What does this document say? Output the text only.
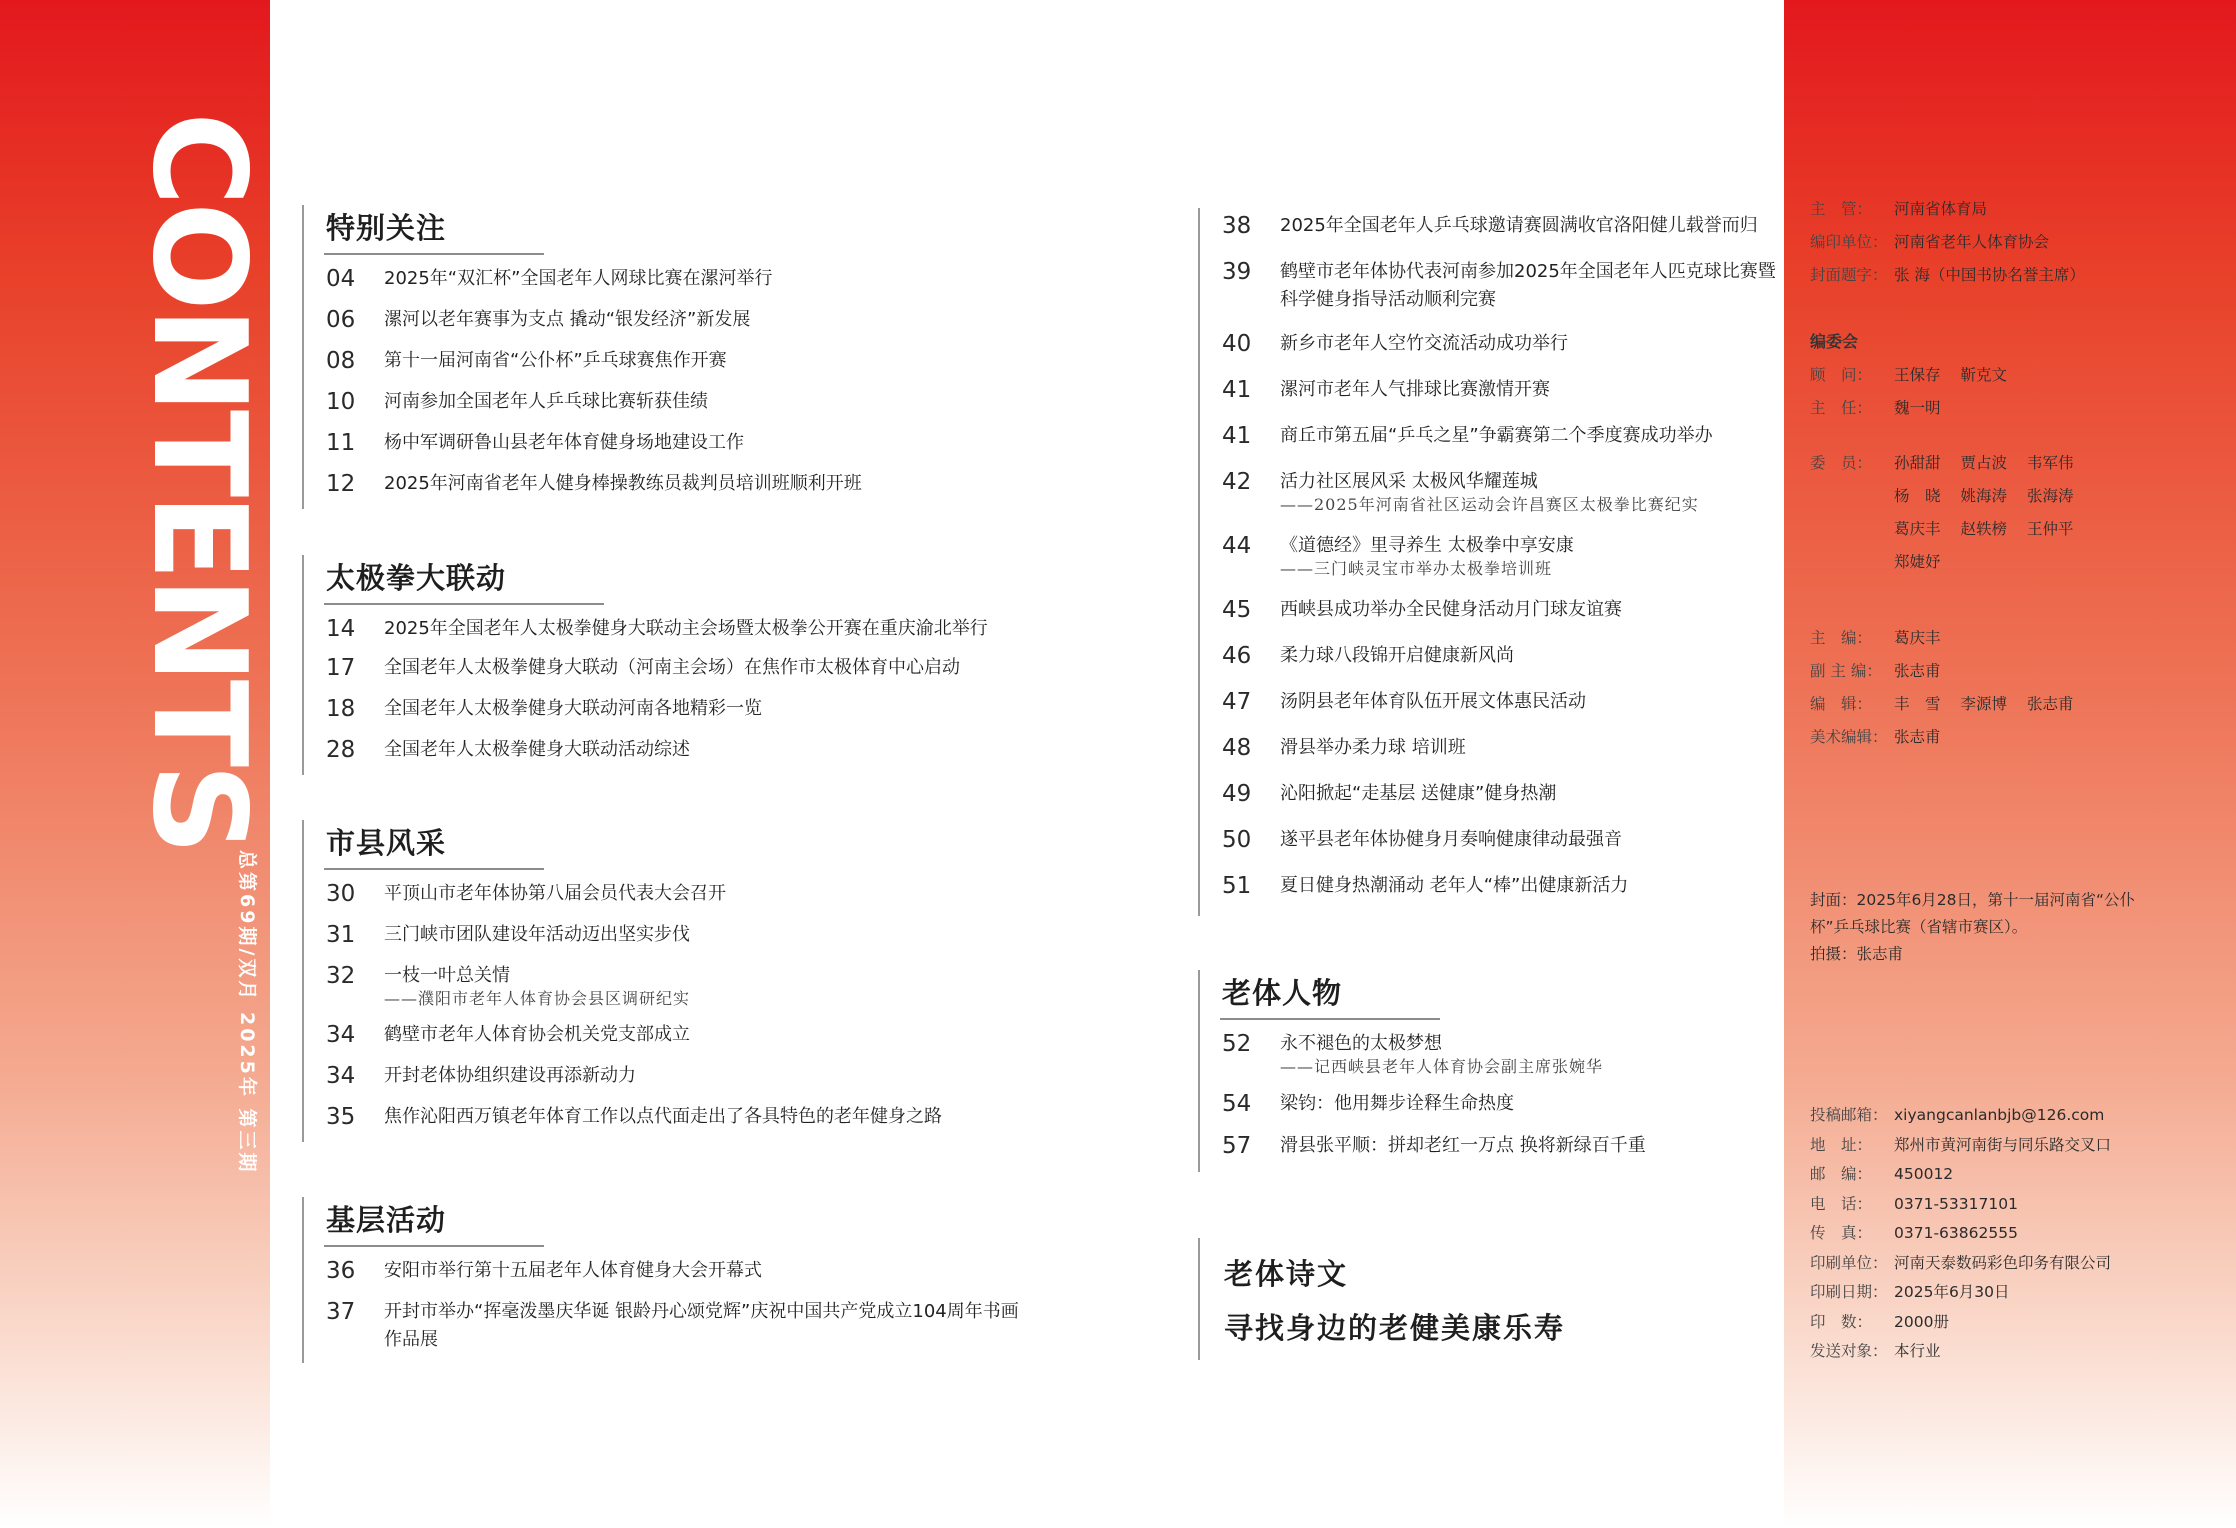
CONTENTS
总第69期/双月 2025年 第三期
特别关注
04 2025年“双汇杯”全国老年人网球比赛在漯河举行
06 漯河以老年赛事为支点 撬动“银发经济”新发展
08 第十一届河南省“公仆杯”乒乓球赛焦作开赛
10 河南参加全国老年人乒乓球比赛斩获佳绩
11 杨中军调研鲁山县老年体育健身场地建设工作
12 2025年河南省老年人健身棒操教练员裁判员培训班顺利开班
太极拳大联动
14 2025年全国老年人太极拳健身大联动主会场暨太极拳公开赛在重庆渝北举行
17 全国老年人太极拳健身大联动（河南主会场）在焦作市太极体育中心启动
18 全国老年人太极拳健身大联动河南各地精彩一览
28 全国老年人太极拳健身大联动活动综述
市县风采
30 平顶山市老年体协第八届会员代表大会召开
31 三门峡市团队建设年活动迈出坚实步伐
32 一枝一叶总关情
——濮阳市老年人体育协会县区调研纪实
34 鹤壁市老年人体育协会机关党支部成立
34 开封老体协组织建设再添新动力
35 焦作沁阳西万镇老年体育工作以点代面走出了各具特色的老年健身之路
基层活动
36 安阳市举行第十五届老年人体育健身大会开幕式
37 开封市举办“挥毫泼墨庆华诞 银龄丹心颂党辉”庆祝中国共产党成立104周年书画作品展
38 2025年全国老年人乒乓球邀请赛圆满收官洛阳健儿载誉而归
39 鹤壁市老年体协代表河南参加2025年全国老年人匹克球比赛暨科学健身指导活动顺利完赛
40 新乡市老年人空竹交流活动成功举行
41 漯河市老年人气排球比赛激情开赛
41 商丘市第五届“乒乓之星”争霸赛第二个季度赛成功举办
42 活力社区展风采 太极风华耀莲城
——2025年河南省社区运动会许昌赛区太极拳比赛纪实
44 《道德经》里寻养生 太极拳中享安康
——三门峡灵宝市举办太极拳培训班
45 西峡县成功举办全民健身活动月门球友谊赛
46 柔力球八段锦开启健康新风尚
47 汤阴县老年体育队伍开展文体惠民活动
48 滑县举办柔力球 培训班
49 沁阳掀起“走基层 送健康”健身热潮
50 遂平县老年体协健身月奏响健康律动最强音
51 夏日健身热潮涌动 老年人“棒”出健康新活力
老体人物
52 永不褪色的太极梦想
——记西峡县老年人体育协会副主席张婉华
54 梁钧：他用舞步诠释生命热度
57 滑县张平顺：拼却老红一万点 换将新绿百千重
老体诗文
寻找身边的老健美康乐寿
主　管： 河南省体育局
编印单位： 河南省老年人体育协会
封面题字： 张 海（中国书协名誉主席）
编委会
顾　问： 王保存 靳克文
主　任： 魏一明
委　员： 孙甜甜 贾占波 韦军伟
杨　晓 姚海涛 张海涛
葛庆丰 赵轶榜 王仲平
郑婕妤
主　编： 葛庆丰
副 主 编： 张志甫
编　辑： 丰　雪 李源博 张志甫
美术编辑： 张志甫
封面：2025年6月28日，第十一届河南省“公仆杯”乒乓球比赛（省辖市赛区）。
拍摄：张志甫
投稿邮箱： xiyangcanlanbjb@126.com
地　址： 郑州市黄河南街与同乐路交叉口
邮　编： 450012
电　话： 0371-53317101
传　真： 0371-63862555
印刷单位： 河南天泰数码彩色印务有限公司
印刷日期： 2025年6月30日
印　数： 2000册
发送对象： 本行业
